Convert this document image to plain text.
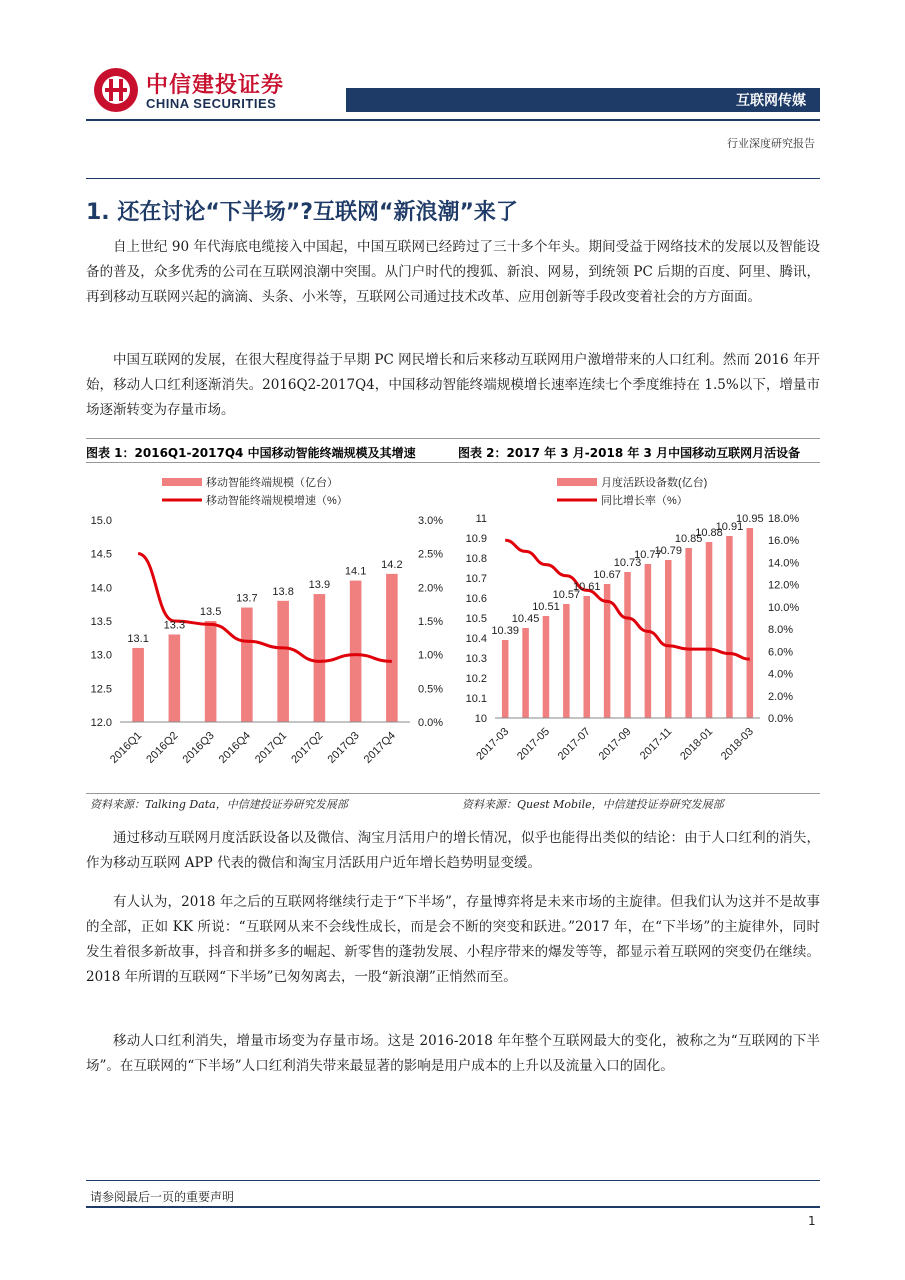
中信建投证券
CHINA SECURITIES	互联网传媒
行业深度研究报告
1. 还在讨论“下半场”?互联网“新浪潮”来了

自上世纪 90 年代海底电缆接入中国起，中国互联网已经跨过了三十多个年头。期间受益于网络技术的发展以及智能设备的普及，众多优秀的公司在互联网浪潮中突围。从门户时代的搜狐、新浪、网易，到统领 PC 后期的百度、阿里、腾讯，再到移动互联网兴起的滴滴、头条、小米等，互联网公司通过技术改革、应用创新等手段改变着社会的方方面面。

中国互联网的发展，在很大程度得益于早期 PC 网民增长和后来移动互联网用户激增带来的人口红利。然而 2016 年开始，移动人口红利逐渐消失。2016Q2-2017Q4，中国移动智能终端规模增长速率连续七个季度维持在 1.5%以下，增量市场逐渐转变为存量市场。

图表 1：2016Q1-2017Q4 中国移动智能终端规模及其增速	图表 2：2017 年 3 月-2018 年 3 月中国移动互联网月活设备
移动智能终端规模（亿台）
移动智能终端规模增速（%）
12.0
12.5
13.0
13.5
14.0
14.5
15.0
0.0%
0.5%
1.0%
1.5%
2.0%
2.5%
3.0%
13.1
13.3
13.5
13.7
13.8
13.9
14.1
14.2
2016Q1 2016Q2 2016Q3 2016Q4 2017Q1 2017Q2 2017Q3 2017Q4
月度活跃设备数(亿台)
同比增长率（%）
10
10.1
10.2
10.3
10.4
10.5
10.6
10.7
10.8
10.9
11
0.0%
2.0%
4.0%
6.0%
8.0%
10.0%
12.0%
14.0%
16.0%
18.0%
10.39
10.45
10.51
10.57
10.61
10.67
10.73
10.77
10.79
10.85
10.88
10.91
10.95
2017-03 2017-05 2017-07 2017-09 2017-11 2018-01 2018-03
资料来源：Talking Data，中信建投证券研究发展部	资料来源：Quest Mobile，中信建投证券研究发展部

通过移动互联网月度活跃设备以及微信、淘宝月活用户的增长情况，似乎也能得出类似的结论：由于人口红利的消失，作为移动互联网 APP 代表的微信和淘宝月活跃用户近年增长趋势明显变缓。

有人认为，2018 年之后的互联网将继续行走于“下半场”，存量博弈将是未来市场的主旋律。但我们认为这并不是故事的全部，正如 KK 所说：“互联网从来不会线性成长，而是会不断的突变和跃进。”2017 年，在“下半场”的主旋律外，同时发生着很多新故事，抖音和拼多多的崛起、新零售的蓬勃发展、小程序带来的爆发等等，都显示着互联网的突变仍在继续。2018 年所谓的互联网“下半场”已匆匆离去，一股“新浪潮”正悄然而至。

移动人口红利消失，增量市场变为存量市场。这是 2016-2018 年年整个互联网最大的变化，被称之为“互联网的下半场”。在互联网的“下半场”人口红利消失带来最显著的影响是用户成本的上升以及流量入口的固化。

请参阅最后一页的重要声明
1
